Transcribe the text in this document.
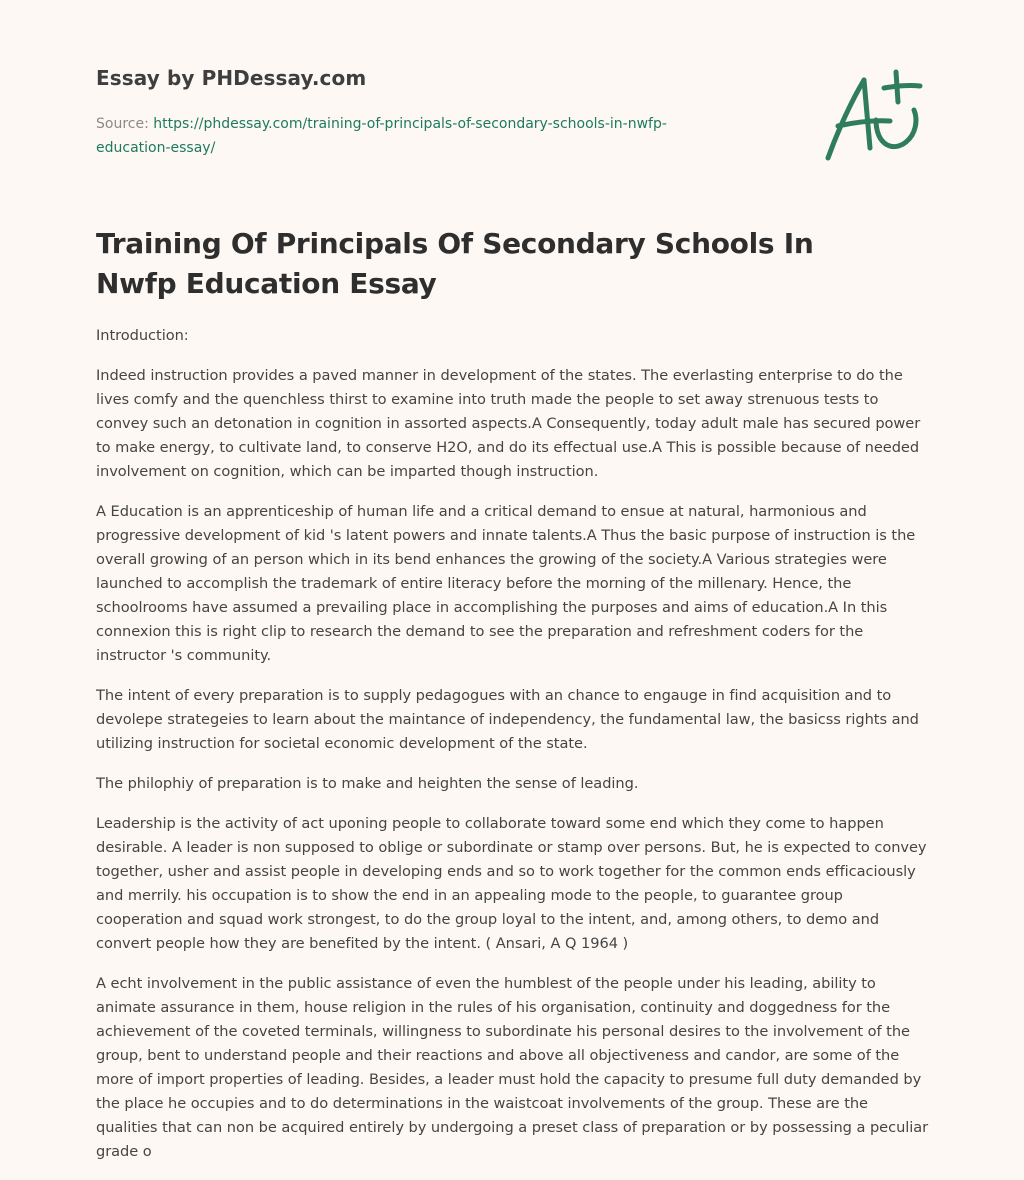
Essay by PHDessay.com

Source: https://phdessay.com/training-of-principals-of-secondary-schools-in-nwfp-education-essay/

Training Of Principals Of Secondary Schools In Nwfp Education Essay

Introduction:

Indeed instruction provides a paved manner in development of the states. The everlasting enterprise to do the lives comfy and the quenchless thirst to examine into truth made the people to set away strenuous tests to convey such an detonation in cognition in assorted aspects.A Consequently, today adult male has secured power to make energy, to cultivate land, to conserve H2O, and do its effectual use.A This is possible because of needed involvement on cognition, which can be imparted though instruction.

A Education is an apprenticeship of human life and a critical demand to ensue at natural, harmonious and progressive development of kid 's latent powers and innate talents.A Thus the basic purpose of instruction is the overall growing of an person which in its bend enhances the growing of the society.A Various strategies were launched to accomplish the trademark of entire literacy before the morning of the millenary. Hence, the schoolrooms have assumed a prevailing place in accomplishing the purposes and aims of education.A In this connexion this is right clip to research the demand to see the preparation and refreshment coders for the instructor 's community.

The intent of every preparation is to supply pedagogues with an chance to engauge in find acquisition and to devolepe strategeies to learn about the maintance of independency, the fundamental law, the basicss rights and utilizing instruction for societal economic development of the state.

The philophiy of preparation is to make and heighten the sense of leading.

Leadership is the activity of act uponing people to collaborate toward some end which they come to happen desirable. A leader is non supposed to oblige or subordinate or stamp over persons. But, he is expected to convey together, usher and assist people in developing ends and so to work together for the common ends efficaciously and merrily. his occupation is to show the end in an appealing mode to the people, to guarantee group cooperation and squad work strongest, to do the group loyal to the intent, and, among others, to demo and convert people how they are benefited by the intent. ( Ansari, A Q 1964 )

A echt involvement in the public assistance of even the humblest of the people under his leading, ability to animate assurance in them, house religion in the rules of his organisation, continuity and doggedness for the achievement of the coveted terminals, willingness to subordinate his personal desires to the involvement of the group, bent to understand people and their reactions and above all objectiveness and candor, are some of the more of import properties of leading. Besides, a leader must hold the capacity to presume full duty demanded by the place he occupies and to do determinations in the waistcoat involvements of the group. These are the qualities that can non be acquired entirely by undergoing a preset class of preparation or by possessing a peculiar grade o
